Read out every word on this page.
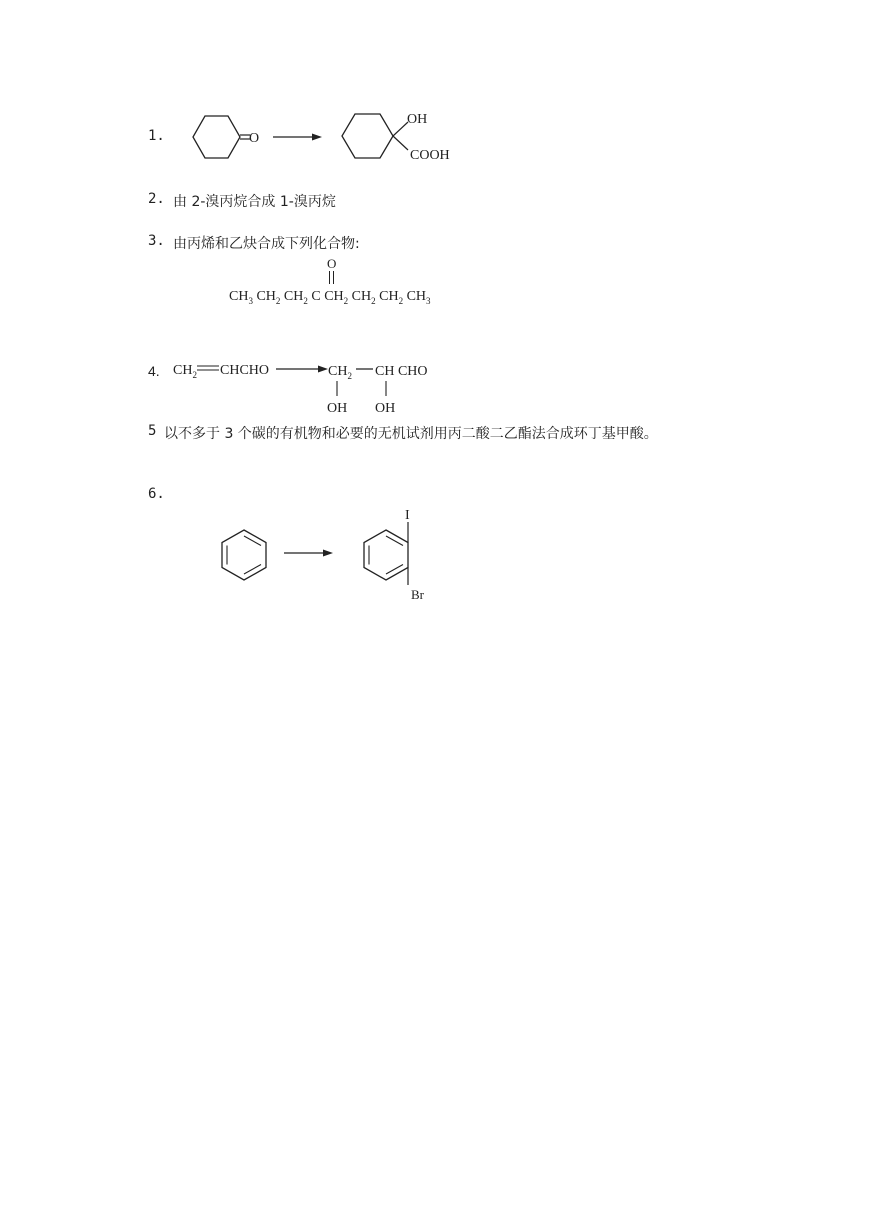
1.	O
OH
COOH
2. 由 2-溴丙烷合成 1-溴丙烷
3. 由丙烯和乙炔合成下列化合物:
O
$CH_3$ $CH_2$ $CH_2$ C $CH_2$ $CH_2$ $CH_2$ $CH_3$
4. $CH_2$ CHCHO	$CH_2$ CH CHO
OH OH
5 以不多于 3 个碳的有机物和必要的无机试剂用丙二酸二乙酯法合成环丁基甲酸。
6.
I
Br
